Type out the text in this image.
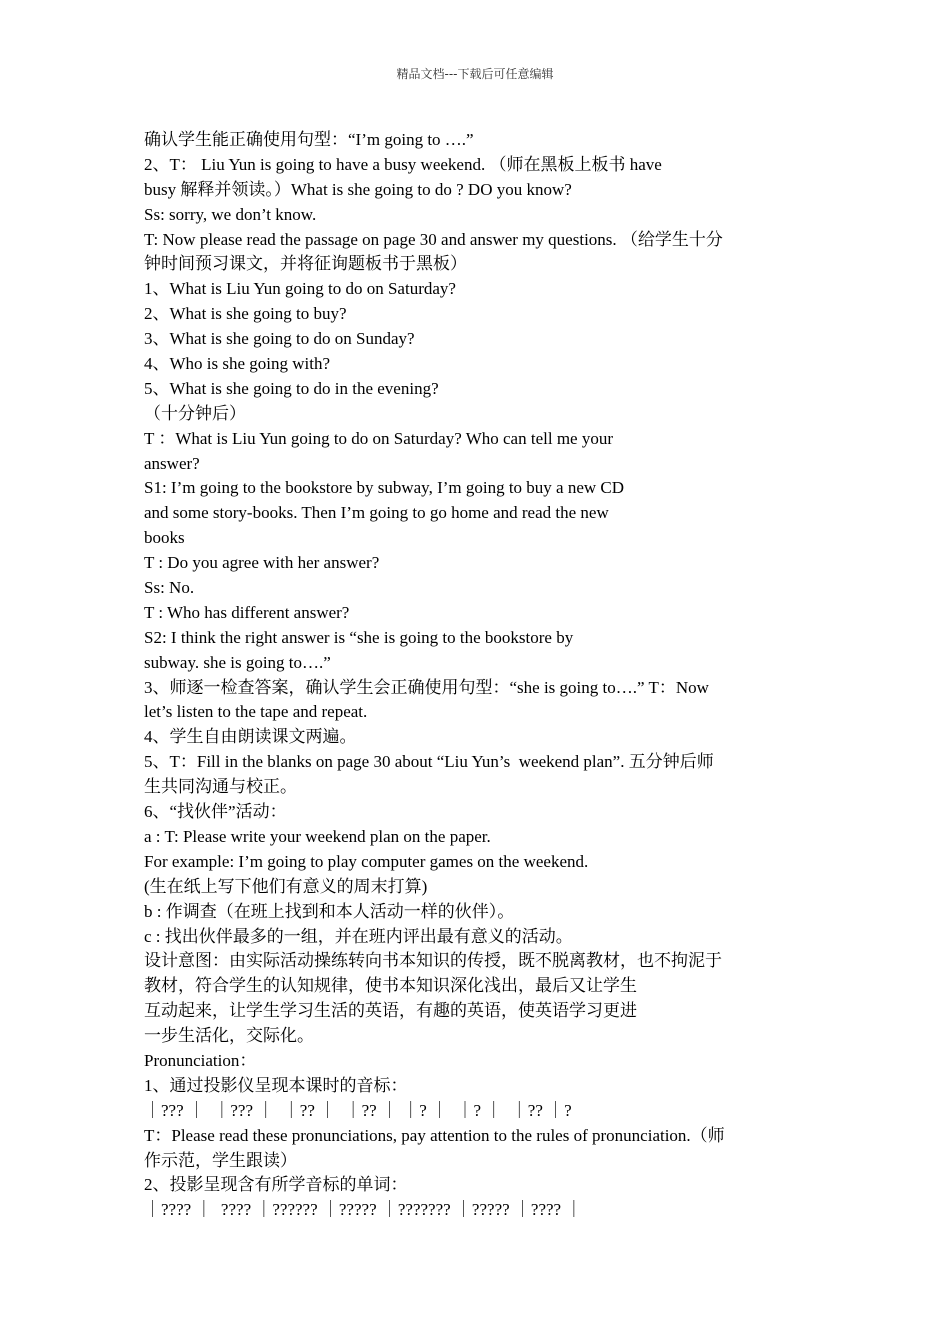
精品文档---下载后可任意编辑
确认学生能正确使用句型：“I’m going to ….”
2、T： Liu Yun is going to have a busy weekend. （师在黑板上板书 have
busy 解释并领读。）What is she going to do ? DO you know?
Ss: sorry, we don’t know.
T: Now please read the passage on page 30 and answer my questions. （给学生十分
钟时间预习课文，并将征询题板书于黑板）
1、What is Liu Yun going to do on Saturday?
2、What is she going to buy?
3、What is she going to do on Sunday?
4、Who is she going with?
5、What is she going to do in the evening?
（十分钟后）
T ：What is Liu Yun going to do on Saturday? Who can tell me your
answer?
S1: I’m going to the bookstore by subway, I’m going to buy a new CD
and some story-books. Then I’m going to go home and read the new
books
T : Do you agree with her answer?
Ss: No.
T : Who has different answer?
S2: I think the right answer is “she is going to the bookstore by
subway. she is going to….”
3、师逐一检查答案，确认学生会正确使用句型：“she is going to….” T：Now
let’s listen to the tape and repeat.
4、学生自由朗读课文两遍。
5、T：Fill in the blanks on page 30 about “Liu Yun’s  weekend plan”. 五分钟后师
生共同沟通与校正。
6、“找伙伴”活动：
a : T: Please write your weekend plan on the paper.
For example: I’m going to play computer games on the weekend.
(生在纸上写下他们有意义的周末打算)
b : 作调查（在班上找到和本人活动一样的伙伴）。
c : 找出伙伴最多的一组，并在班内评出最有意义的活动。
设计意图：由实际活动操练转向书本知识的传授，既不脱离教材，也不拘泥于
教材，符合学生的认知规律，使书本知识深化浅出，最后又让学生
互动起来，让学生学习生活的英语，有趣的英语，使英语学习更进
一步生活化，交际化。
Pronunciation：
1、通过投影仪呈现本课时的音标：
｜??? ｜  ｜??? ｜  ｜?? ｜  ｜?? ｜ ｜? ｜  ｜? ｜  ｜?? ｜?
T：Please read these pronunciations, pay attention to the rules of pronunciation.（师
作示范，学生跟读）
2、投影呈现含有所学音标的单词：
｜???? ｜  ???? ｜?????? ｜????? ｜??????? ｜????? ｜???? ｜
